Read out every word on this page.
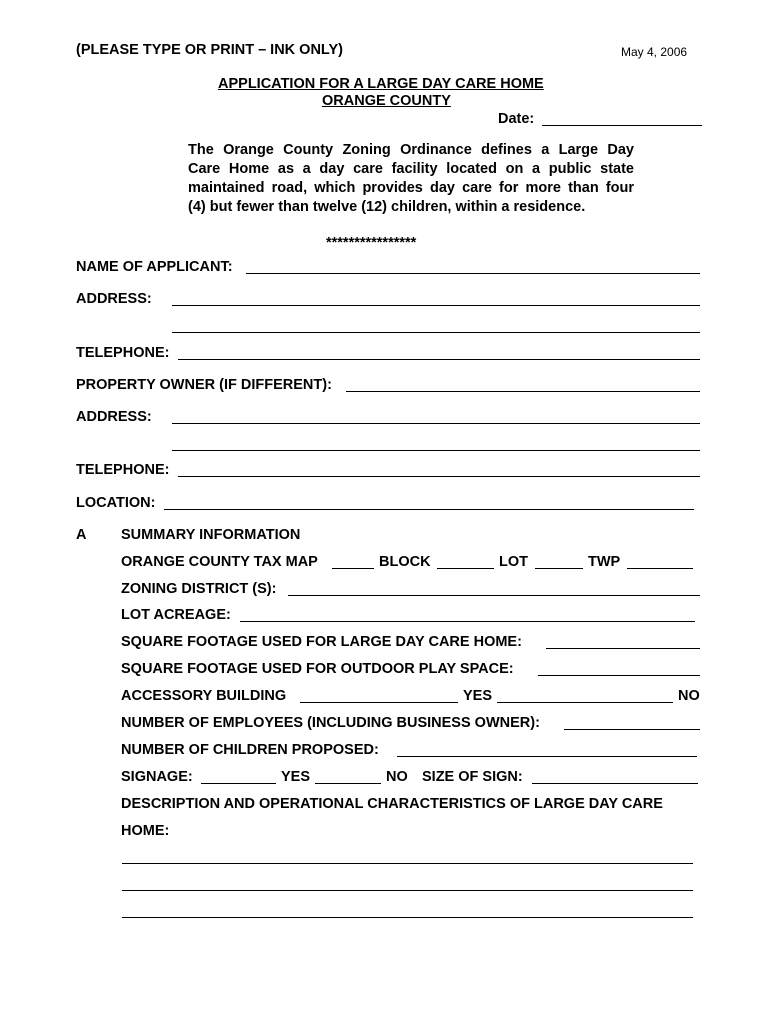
(PLEASE TYPE OR PRINT – INK ONLY)	May 4, 2006
APPLICATION FOR A LARGE DAY CARE HOME
ORANGE COUNTY
Date:
The Orange County Zoning Ordinance defines a Large Day
Care Home as a day care facility located on a public state
maintained road, which provides day care for more than four
(4) but fewer than twelve (12) children, within a residence.
****************
NAME OF APPLICANT:
ADDRESS:
TELEPHONE:
PROPERTY OWNER (IF DIFFERENT):
ADDRESS:
TELEPHONE:
LOCATION:
A SUMMARY INFORMATION
ORANGE COUNTY TAX MAP	BLOCK	LOT	TWP
ZONING DISTRICT (S):
LOT ACREAGE:
SQUARE FOOTAGE USED FOR LARGE DAY CARE HOME:
SQUARE FOOTAGE USED FOR OUTDOOR PLAY SPACE:
ACCESSORY BUILDING	YES	NO
NUMBER OF EMPLOYEES (INCLUDING BUSINESS OWNER):
NUMBER OF CHILDREN PROPOSED:
SIGNAGE:	YES	NO SIZE OF SIGN:
DESCRIPTION AND OPERATIONAL CHARACTERISTICS OF LARGE DAY CARE
HOME:
